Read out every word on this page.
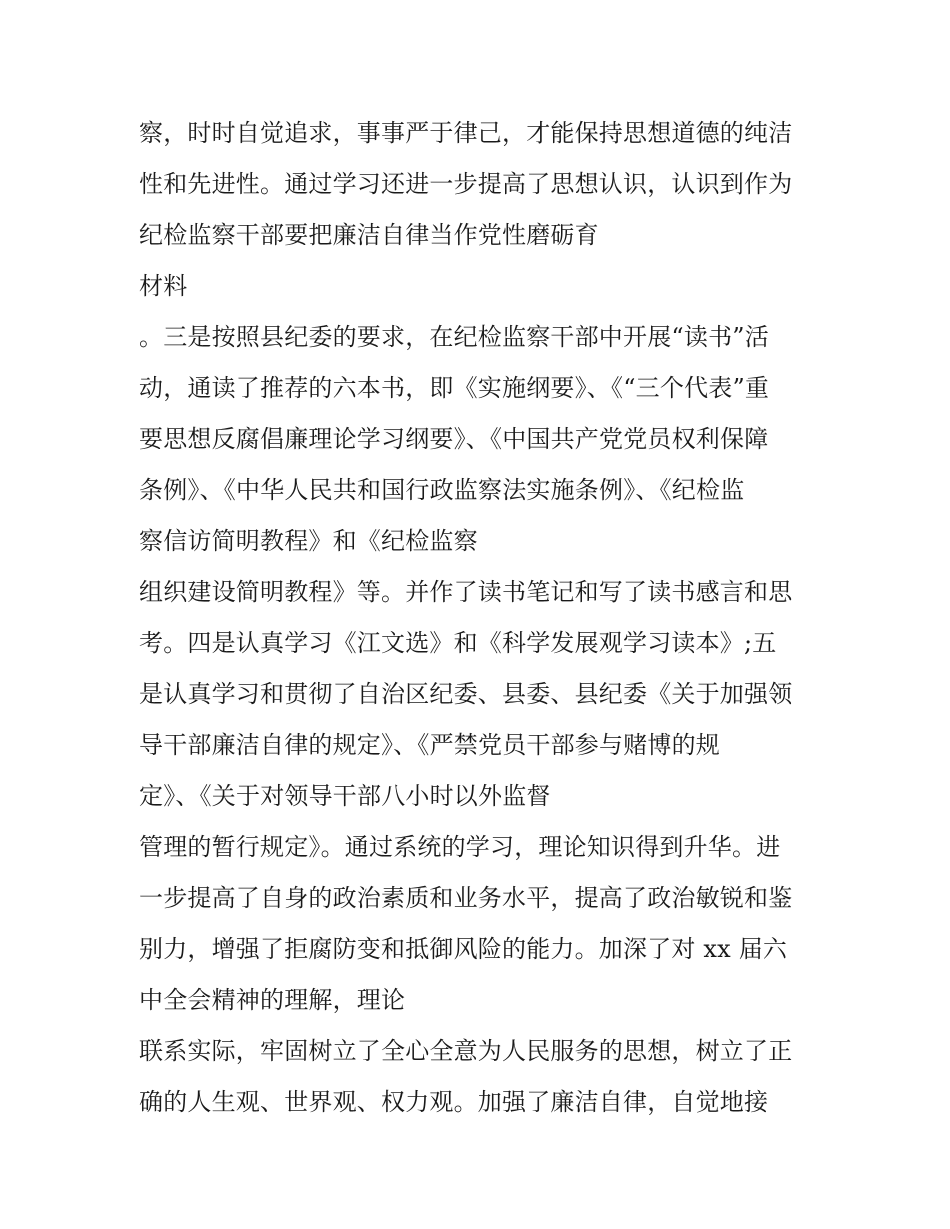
察，时时自觉追求，事事严于律己，才能保持思想道德的纯洁
性和先进性。通过学习还进一步提高了思想认识，认识到作为
纪检监察干部要把廉洁自律当作党性磨砺育
材料
。三是按照县纪委的要求，在纪检监察干部中开展“读书”活
动，通读了推荐的六本书，即《实施纲要》、《“三个代表”重
要思想反腐倡廉理论学习纲要》、《中国共产党党员权利保障
条例》、《中华人民共和国行政监察法实施条例》、《纪检监
察信访简明教程》和《纪检监察
组织建设简明教程》等。并作了读书笔记和写了读书感言和思
考。四是认真学习《江文选》和《科学发展观学习读本》;五
是认真学习和贯彻了自治区纪委、县委、县纪委《关于加强领
导干部廉洁自律的规定》、《严禁党员干部参与赌博的规
定》、《关于对领导干部八小时以外监督
管理的暂行规定》。通过系统的学习，理论知识得到升华。进
一步提高了自身的政治素质和业务水平，提高了政治敏锐和鉴
别力，增强了拒腐防变和抵御风险的能力。加深了对 xx 届六
中全会精神的理解，理论
联系实际，牢固树立了全心全意为人民服务的思想，树立了正
确的人生观、世界观、权力观。加强了廉洁自律，自觉地接
